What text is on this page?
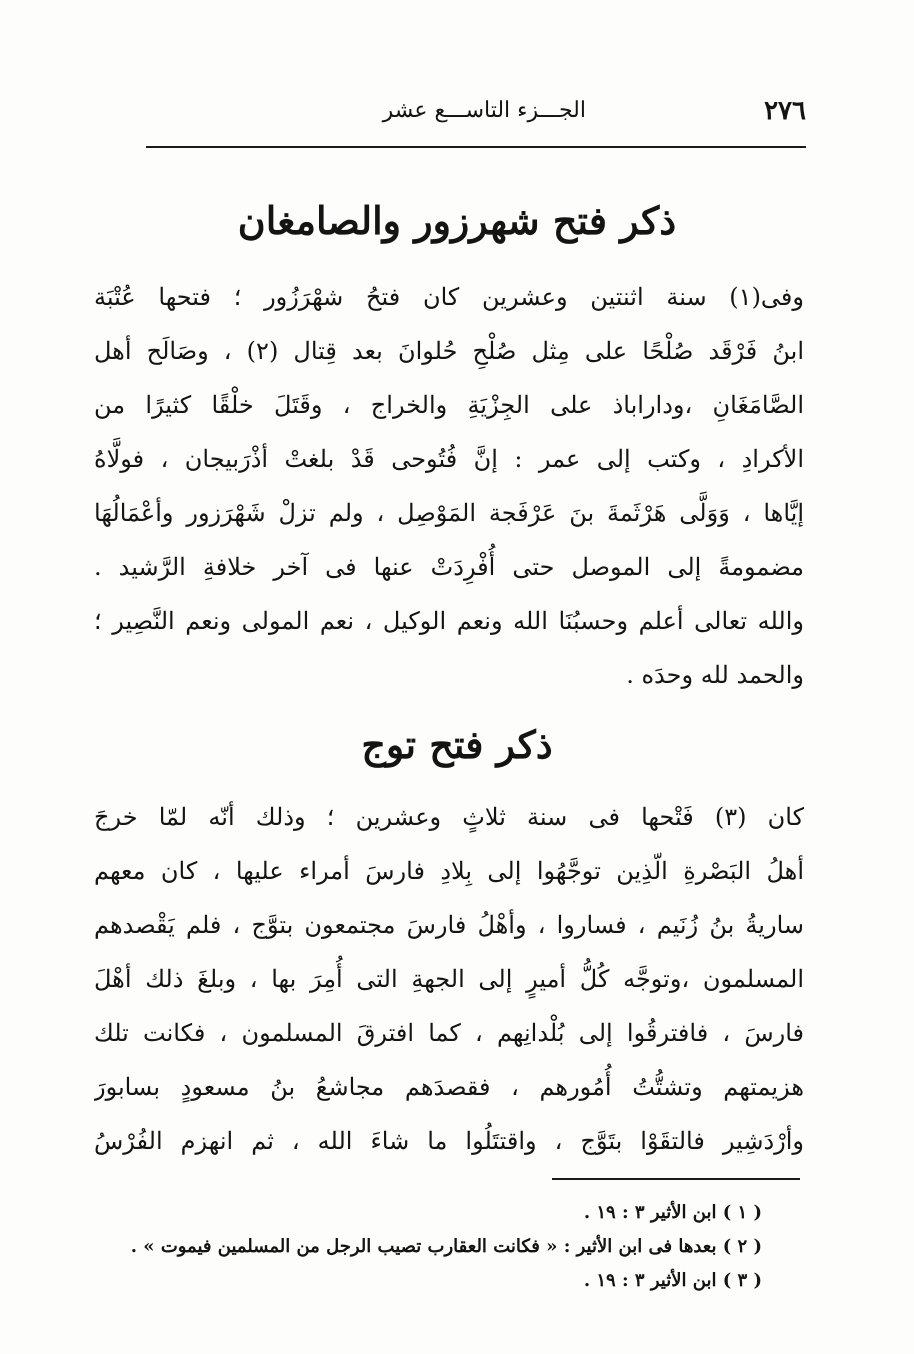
٢٧٦
الجـــزء التاســـع عشر
ذكر فتح شهرزور والصامغان
وفى(١) سنة اثنتين وعشرين كان فتحُ شهْرَزُور ؛ فتحها عُتْبَة
ابنُ فَرْقَد صُلْحًا على مِثل صُلْحِ حُلوانَ بعد قِتال (٢) ، وصَالَح أهل
الصَّامَغَانِ ،وداراباذ على الجِزْيَةِ والخراج ، وقَتَلَ خلْقًا كثيرًا من
الأكرادِ ، وكتب إلى عمر : إنَّ فُتُوحى قَدْ بلغتْ أذْرَبيجان ، فولَّاهُ
إيَّاها ، وَوَلَّى هَرْثَمةَ بنَ عَرْفَجة المَوْصِل ، ولم تزلْ شَهْرَزور وأعْمَالُهَا
مضمومةً إلى الموصل حتى أُفْرِدَتْ عنها فى آخر خلافةِ الرَّشيد .
والله تعالى أعلم وحسبُنَا الله ونعم الوكيل ، نعم المولى ونعم النَّصِير ؛
والحمد لله وحدَه .
ذكر فتح توج
كان (٣) فَتْحها فى سنة ثلاثٍ وعشرين ؛ وذلك أنّه لمّا خرجَ
أهلُ البَصْرةِ الّذِين توجَّهُوا إلى بِلادِ فارسَ أمراء عليها ، كان معهم
ساريةُ بنُ زُنَيم ، فساروا ، وأهْلُ فارسَ مجتمعون بتوَّج ، فلم يَقْصدهم
المسلمون ،وتوجَّه كُلُّ أميرٍ إلى الجهةِ التى أُمِرَ بها ، وبلغَ ذلك أهْلَ
فارسَ ، فافترقُوا إلى بُلْدانِهم ، كما افترقَ المسلمون ، فكانت تلك
هزيمتهم وتشتُّتُ أُمُورهم ، فقصدَهم مجاشعُ بنُ مسعودٍ بسابورَ
وأرْدَشِير فالتقَوْا بتَوَّج ، واقتتَلُوا ما شاءَ الله ، ثم انهزم الفُرْسُ
( ١ ) ابن الأثير ٣ : ١٩ .
( ٢ ) بعدها فى ابن الأثير : « فكانت العقارب تصيب الرجل من المسلمين فيموت » .
( ٣ ) ابن الأثير ٣ : ١٩ .
